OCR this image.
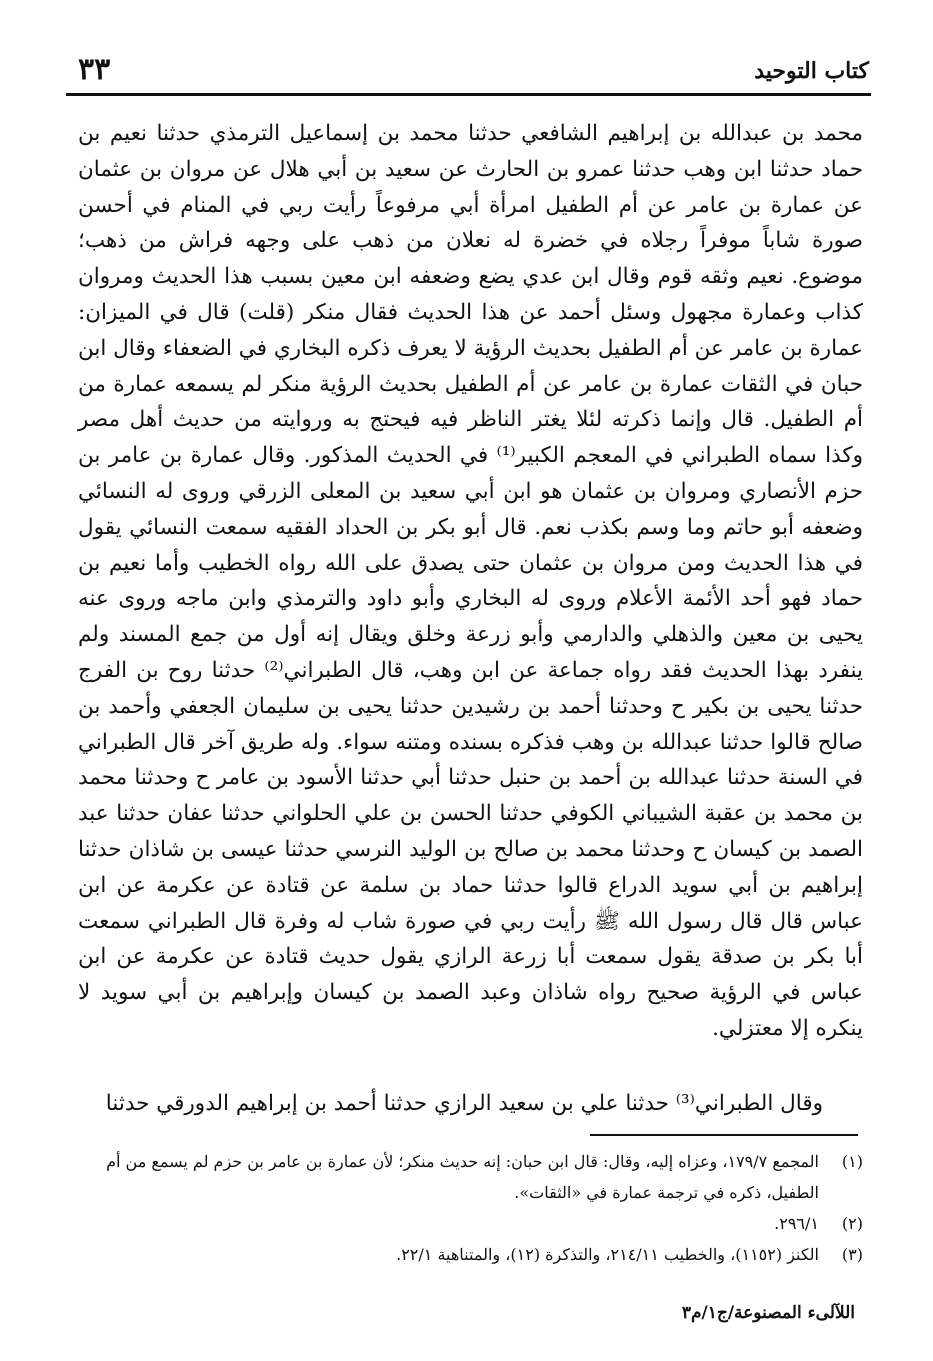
كتاب التوحيد
٣٣

محمد بن عبدالله بن إبراهيم الشافعي حدثنا محمد بن إسماعيل الترمذي حدثنا نعيم بن حماد حدثنا ابن وهب حدثنا عمرو بن الحارث عن سعيد بن أبي هلال عن مروان بن عثمان عن عمارة بن عامر عن أم الطفيل امرأة أبي مرفوعاً رأيت ربي في المنام في أحسن صورة شاباً موفراً رجلاه في خضرة له نعلان من ذهب على وجهه فراش من ذهب؛ موضوع. نعيم وثقه قوم وقال ابن عدي يضع وضعفه ابن معين بسبب هذا الحديث ومروان كذاب وعمارة مجهول وسئل أحمد عن هذا الحديث فقال منكر (قلت) قال في الميزان: عمارة بن عامر عن أم الطفيل بحديث الرؤية لا يعرف ذكره البخاري في الضعفاء وقال ابن حبان في الثقات عمارة بن عامر عن أم الطفيل بحديث الرؤية منكر لم يسمعه عمارة من أم الطفيل. قال وإنما ذكرته لئلا يغتر الناظر فيه فيحتج به وروايته من حديث أهل مصر وكذا سماه الطبراني في المعجم الكبير⁽¹⁾ في الحديث المذكور. وقال عمارة بن عامر بن حزم الأنصاري ومروان بن عثمان هو ابن أبي سعيد بن المعلى الزرقي وروى له النسائي وضعفه أبو حاتم وما وسم بكذب نعم. قال أبو بكر بن الحداد الفقيه سمعت النسائي يقول في هذا الحديث ومن مروان بن عثمان حتى يصدق على الله رواه الخطيب وأما نعيم بن حماد فهو أحد الأئمة الأعلام وروى له البخاري وأبو داود والترمذي وابن ماجه وروى عنه يحيى بن معين والذهلي والدارمي وأبو زرعة وخلق ويقال إنه أول من جمع المسند ولم ينفرد بهذا الحديث فقد رواه جماعة عن ابن وهب، قال الطبراني⁽²⁾ حدثنا روح بن الفرج حدثنا يحيى بن بكير ح وحدثنا أحمد بن رشيدين حدثنا يحيى بن سليمان الجعفي وأحمد بن صالح قالوا حدثنا عبدالله بن وهب فذكره بسنده ومتنه سواء. وله طريق آخر قال الطبراني في السنة حدثنا عبدالله بن أحمد بن حنبل حدثنا أبي حدثنا الأسود بن عامر ح وحدثنا محمد بن محمد بن عقبة الشيباني الكوفي حدثنا الحسن بن علي الحلواني حدثنا عفان حدثنا عبد الصمد بن كيسان ح وحدثنا محمد بن صالح بن الوليد النرسي حدثنا عيسى بن شاذان حدثنا إبراهيم بن أبي سويد الدراع قالوا حدثنا حماد بن سلمة عن قتادة عن عكرمة عن ابن عباس قال قال رسول الله ﷺ رأيت ربي في صورة شاب له وفرة قال الطبراني سمعت أبا بكر بن صدقة يقول سمعت أبا زرعة الرازي يقول حديث قتادة عن عكرمة عن ابن عباس في الرؤية صحيح رواه شاذان وعبد الصمد بن كيسان وإبراهيم بن أبي سويد لا ينكره إلا معتزلي.

وقال الطبراني⁽³⁾ حدثنا علي بن سعيد الرازي حدثنا أحمد بن إبراهيم الدورقي حدثنا

(١)
المجمع ١٧٩/٧، وعزاه إليه، وقال: قال ابن حبان: إنه حديث منكر؛ لأن عمارة بن عامر بن حزم لم يسمع من أم الطفيل، ذكره في ترجمة عمارة في «الثقات».
(٢)
٢٩٦/١.
(٣)
الكنز (١١٥٢)، والخطيب ٢١٤/١١، والتذكرة (١٢)، والمتناهية ٢٢/١.
اللآلىء المصنوعة/ج١/م٣
